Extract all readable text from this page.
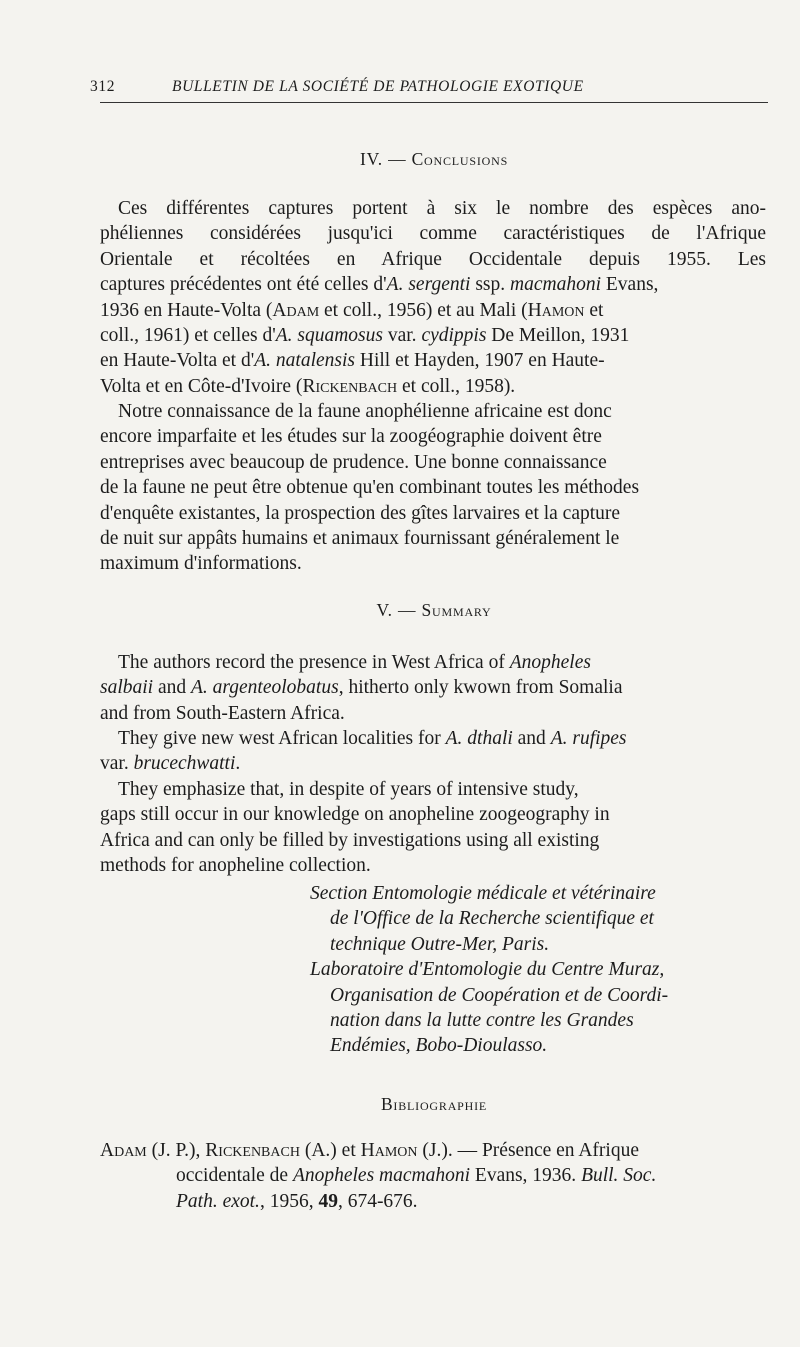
312	BULLETIN DE LA SOCIÉTÉ DE PATHOLOGIE EXOTIQUE

IV. — Conclusions
Ces différentes captures portent à six le nombre des espèces ano-
phéliennes considérées jusqu'ici comme caractéristiques de l'Afrique
Orientale et récoltées en Afrique Occidentale depuis 1955. Les
captures précédentes ont été celles d'A. sergenti ssp. macmahoni Evans,
1936 en Haute-Volta (Adam et coll., 1956) et au Mali (Hamon et
coll., 1961) et celles d'A. squamosus var. cydippis De Meillon, 1931
en Haute-Volta et d'A. natalensis Hill et Hayden, 1907 en Haute-
Volta et en Côte-d'Ivoire (Rickenbach et coll., 1958).
Notre connaissance de la faune anophélienne africaine est donc
encore imparfaite et les études sur la zoogéographie doivent être
entreprises avec beaucoup de prudence. Une bonne connaissance
de la faune ne peut être obtenue qu'en combinant toutes les méthodes
d'enquête existantes, la prospection des gîtes larvaires et la capture
de nuit sur appâts humains et animaux fournissant généralement le
maximum d'informations.
V. — Summary
The authors record the presence in West Africa of Anopheles
salbaii and A. argenteolobatus, hitherto only kwown from Somalia
and from South-Eastern Africa.
They give new west African localities for A. dthali and A. rufipes
var. brucechwatti.
They emphasize that, in despite of years of intensive study,
gaps still occur in our knowledge on anopheline zoogeography in
Africa and can only be filled by investigations using all existing
methods for anopheline collection.
Section Entomologie médicale et vétérinaire
de l'Office de la Recherche scientifique et
technique Outre-Mer, Paris.
Laboratoire d'Entomologie du Centre Muraz,
Organisation de Coopération et de Coordi-
nation dans la lutte contre les Grandes
Endémies, Bobo-Dioulasso.
Bibliographie
Adam (J. P.), Rickenbach (A.) et Hamon (J.). — Présence en Afrique
occidentale de Anopheles macmahoni Evans, 1936. Bull. Soc.
Path. exot., 1956, 49, 674-676.
